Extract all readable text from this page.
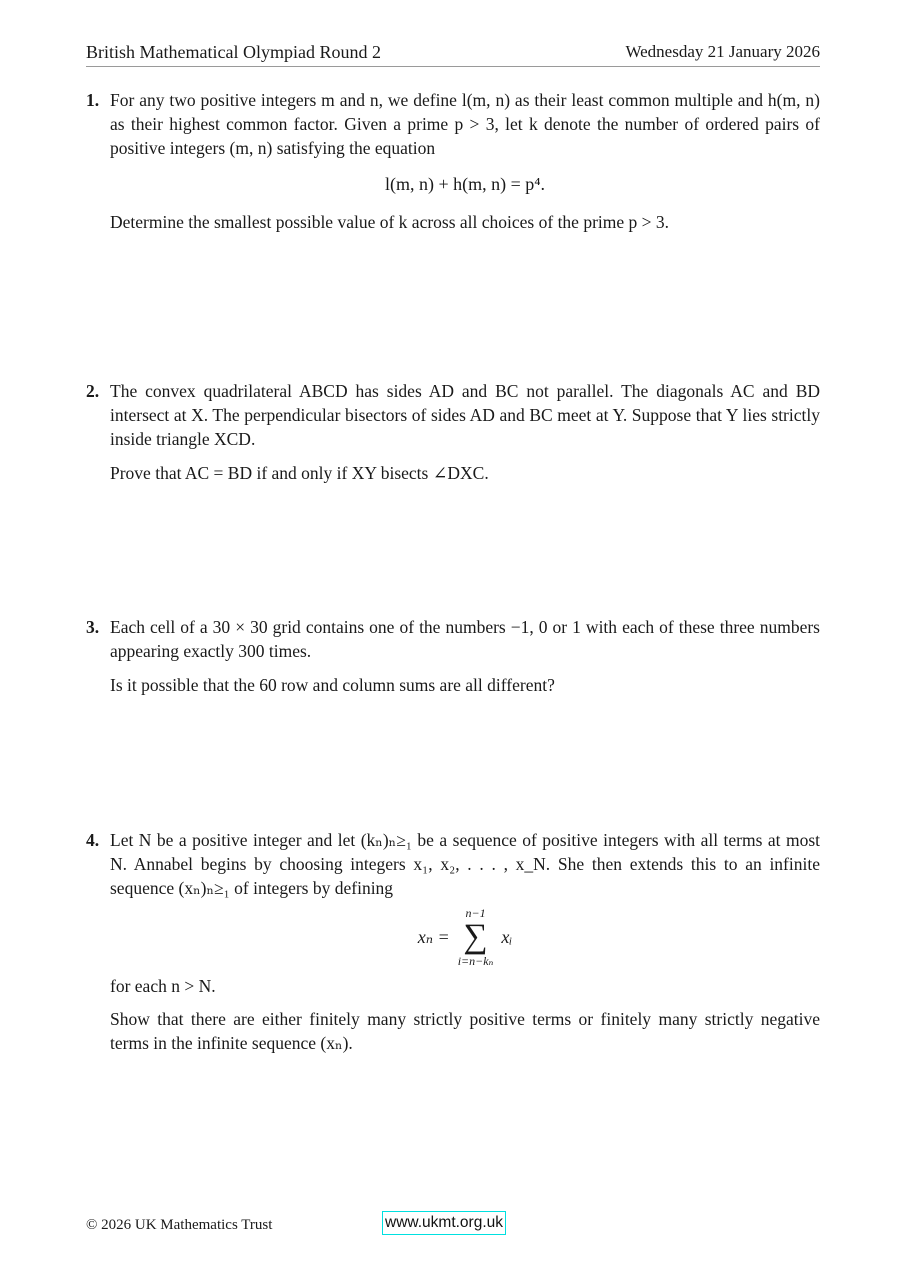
British Mathematical Olympiad Round 2	Wednesday 21 January 2026
1. For any two positive integers m and n, we define l(m, n) as their least common multiple and h(m, n) as their highest common factor. Given a prime p > 3, let k denote the number of ordered pairs of positive integers (m, n) satisfying the equation

l(m, n) + h(m, n) = p⁴.

Determine the smallest possible value of k across all choices of the prime p > 3.

2. The convex quadrilateral ABCD has sides AD and BC not parallel. The diagonals AC and BD intersect at X. The perpendicular bisectors of sides AD and BC meet at Y. Suppose that Y lies strictly inside triangle XCD.

Prove that AC = BD if and only if XY bisects ∠DXC.

3. Each cell of a 30 × 30 grid contains one of the numbers −1, 0 or 1 with each of these three numbers appearing exactly 300 times.

Is it possible that the 60 row and column sums are all different?

4. Let N be a positive integer and let (kₙ)ₙ≥₁ be a sequence of positive integers with all terms at most N. Annabel begins by choosing integers x₁, x₂, . . . , x_N. She then extends this to an infinite sequence (xₙ)ₙ≥₁ of integers by defining

xₙ =
n−1
∑
i=n−kₙ
xᵢ

for each n > N.

Show that there are either finitely many strictly positive terms or finitely many strictly negative terms in the infinite sequence (xₙ).

© 2026 UK Mathematics Trust	www.ukmt.org.uk
